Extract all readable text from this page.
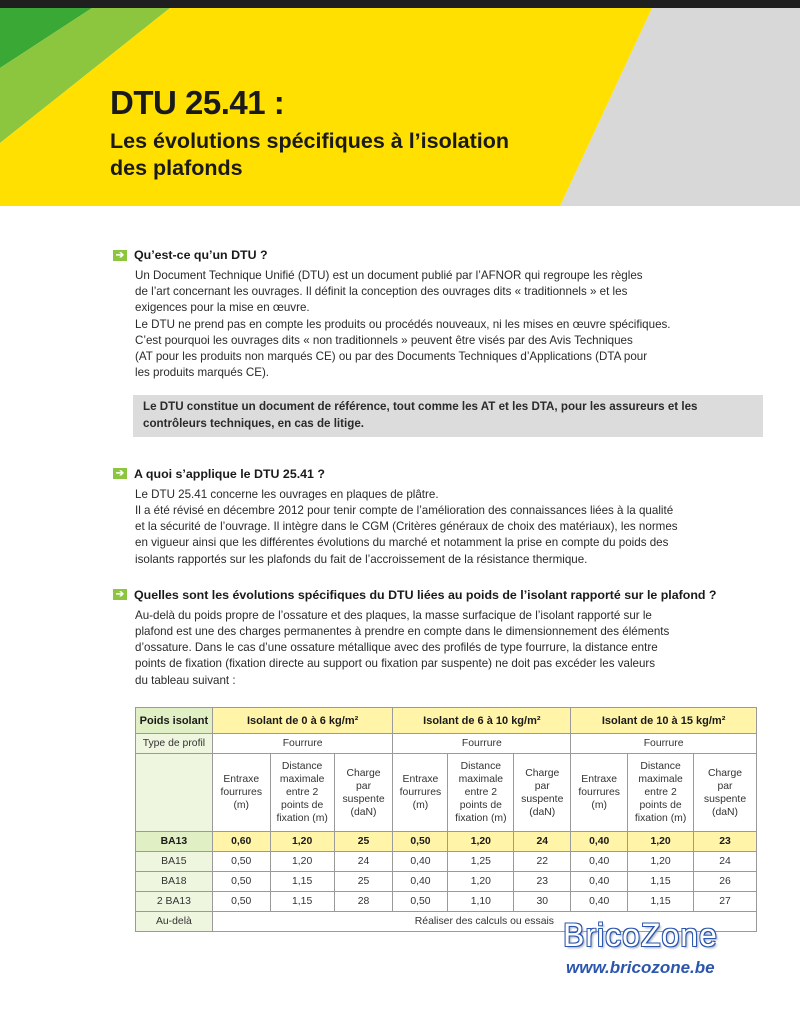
DTU 25.41 :
Les évolutions spécifiques à l’isolation des plafonds
➔ Qu’est-ce qu’un DTU ?

Un Document Technique Unifié (DTU) est un document publié par l’AFNOR qui regroupe les règles
de l’art concernant les ouvrages. Il définit la conception des ouvrages dits « traditionnels » et les
exigences pour la mise en œuvre.
Le DTU ne prend pas en compte les produits ou procédés nouveaux, ni les mises en œuvre spécifiques.
C’est pourquoi les ouvrages dits « non traditionnels » peuvent être visés par des Avis Techniques
(AT pour les produits non marqués CE) ou par des Documents Techniques d’Applications (DTA pour
les produits marqués CE).

Le DTU constitue un document de référence, tout comme les AT et les DTA, pour les assureurs et les contrôleurs techniques, en cas de litige.
➔ A quoi s’applique le DTU 25.41 ?

Le DTU 25.41 concerne les ouvrages en plaques de plâtre.
Il a été révisé en décembre 2012 pour tenir compte de l’amélioration des connaissances liées à la qualité
et la sécurité de l’ouvrage. Il intègre dans le CGM (Critères généraux de choix des matériaux), les normes
en vigueur ainsi que les différentes évolutions du marché et notamment la prise en compte du poids des
isolants rapportés sur les plafonds du fait de l’accroissement de la résistance thermique.

➔ Quelles sont les évolutions spécifiques du DTU liées au poids de l’isolant rapporté sur le plafond ?

Au-delà du poids propre de l’ossature et des plaques, la masse surfacique de l’isolant rapporté sur le
plafond est une des charges permanentes à prendre en compte dans le dimensionnement des éléments
d’ossature. Dans le cas d’une ossature métallique avec des profilés de type fourrure, la distance entre
points de fixation (fixation directe au support ou fixation par suspente) ne doit pas excéder les valeurs
du tableau suivant :

Poids isolant	Isolant de 0 à 6 kg/m²			Isolant de 6 à 10 kg/m²			Isolant de 10 à 15 kg/m²		
Type de profil	Fourrure			Fourrure			Fourrure		
	Entraxe
fourrures
(m)	Distance
maximale
entre 2
points de
fixation (m)	Charge
par
suspente
(daN)	Entraxe
fourrures
(m)	Distance
maximale
entre 2
points de
fixation (m)	Charge
par
suspente
(daN)	Entraxe
fourrures
(m)	Distance
maximale
entre 2
points de
fixation (m)	Charge
par
suspente
(daN)
BA13	0,60	1,20	25	0,50	1,20	24	0,40	1,20	23
BA15	0,50	1,20	24	0,40	1,25	22	0,40	1,20	24
BA18	0,50	1,15	25	0,40	1,20	23	0,40	1,15	26
2 BA13	0,50	1,15	28	0,50	1,10	30	0,40	1,15	27
Au-delà	Réaliser des calculs ou essais								BricoZone
www.bricozone.be
